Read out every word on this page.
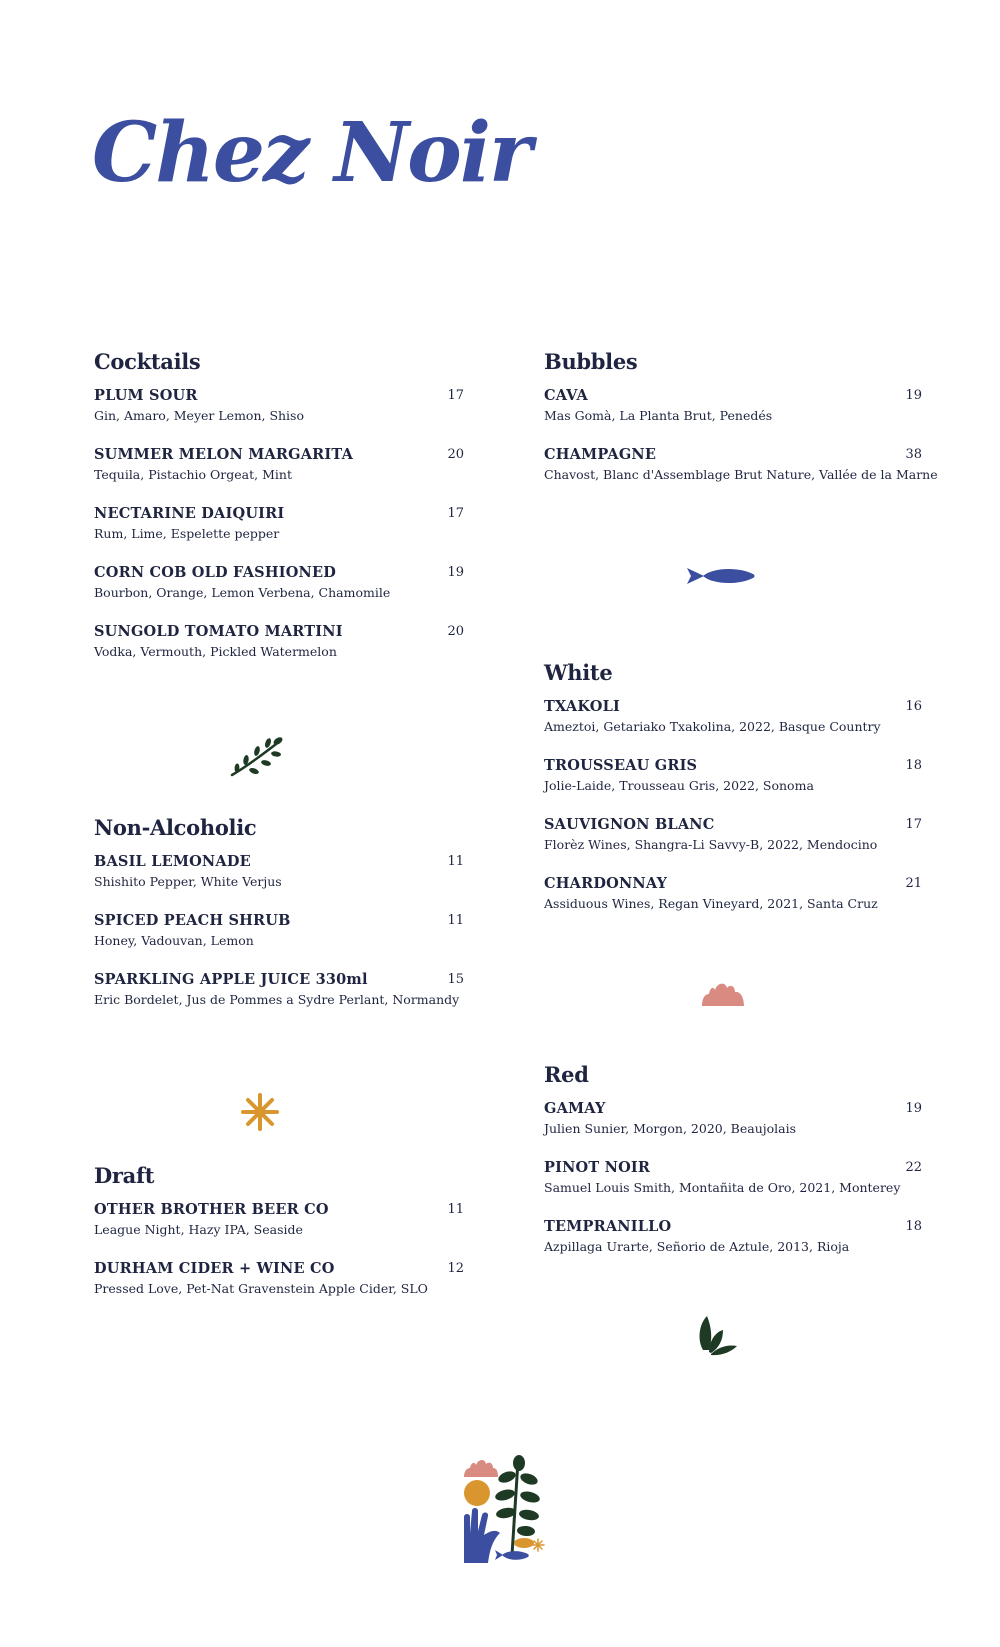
Chez Noir
Cocktails
PLUM SOUR
Gin, Amaro, Meyer Lemon, Shiso
17
SUMMER MELON MARGARITA
Tequila, Pistachio Orgeat, Mint
20
NECTARINE DAIQUIRI
Rum, Lime, Espelette pepper
17
CORN COB OLD FASHIONED
Bourbon, Orange, Lemon Verbena, Chamomile
19
SUNGOLD TOMATO MARTINI
Vodka, Vermouth, Pickled Watermelon
20
Non-Alcoholic
BASIL LEMONADE
Shishito Pepper, White Verjus
11
SPICED PEACH SHRUB
Honey, Vadouvan, Lemon
11
SPARKLING APPLE JUICE 330ml
Eric Bordelet, Jus de Pommes a Sydre Perlant, Normandy
15
Draft
OTHER BROTHER BEER CO
League Night, Hazy IPA, Seaside
11
DURHAM CIDER + WINE CO
Pressed Love, Pet-Nat Gravenstein Apple Cider, SLO
12
Bubbles
CAVA
Mas Gomà, La Planta Brut, Penedés
19
CHAMPAGNE
Chavost, Blanc d'Assemblage Brut Nature, Vallée de la Marne
38
White
TXAKOLI
Ameztoi, Getariako Txakolina, 2022, Basque Country
16
TROUSSEAU GRIS
Jolie-Laide, Trousseau Gris, 2022, Sonoma
18
SAUVIGNON BLANC
Florèz Wines, Shangra-Li Savvy-B, 2022, Mendocino
17
CHARDONNAY
Assiduous Wines, Regan Vineyard, 2021, Santa Cruz
21
Red
GAMAY
Julien Sunier, Morgon, 2020, Beaujolais
19
PINOT NOIR
Samuel Louis Smith, Montañita de Oro, 2021, Monterey
22
TEMPRANILLO
Azpillaga Urarte, Señorio de Aztule, 2013, Rioja
18
